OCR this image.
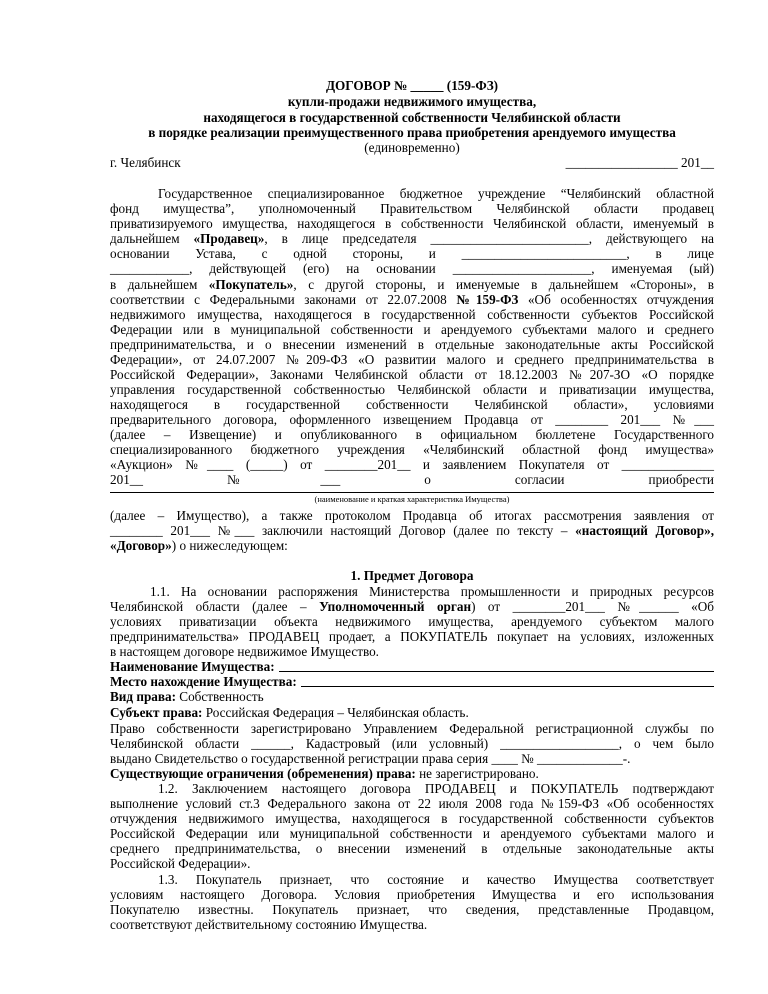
ДОГОВОР № _____ (159-ФЗ)
купли-продажи недвижимого имущества,
находящегося в государственной собственности Челябинской области
в порядке реализации преимущественного права приобретения арендуемого имущества
(единовременно)
г. Челябинск	_________________ 201__
Государственное специализированное бюджетное учреждение “Челябинский областной
фонд имущества”, уполномоченный Правительством Челябинской области продавец
приватизируемого имущества, находящегося в собственности Челябинской области, именуемый в
дальнейшем «Продавец», в лице председателя ________________________, действующего на
основании Устава, с одной стороны, и _________________________, в лице
____________, действующей (его) на основании _____________________, именуемая (ый)
в дальнейшем «Покупатель», с другой стороны, и именуемые в дальнейшем «Стороны», в
соответствии с Федеральными законами от 22.07.2008 №159-ФЗ «Об особенностях отчуждения
недвижимого имущества, находящегося в государственной собственности субъектов Российской
Федерации или в муниципальной собственности и арендуемого субъектами малого и среднего
предпринимательства, и о внесении изменений в отдельные законодательные акты Российской
Федерации», от 24.07.2007 №209-ФЗ «О развитии малого и среднего предпринимательства в
Российской Федерации», Законами Челябинской области от 18.12.2003 №207-ЗО «О порядке
управления государственной собственностью Челябинской области и приватизации имущества,
находящегося в государственной собственности Челябинской области», условиями
предварительного договора, оформленного извещением Продавца от ________ 201___ №___
(далее – Извещение) и опубликованного в официальном бюллетене Государственного
специализированного бюджетного учреждения «Челябинский областной фонд имущества»
«Аукцион» №____ (_____) от ________201__ и заявлением Покупателя от ______________
201__ №___ о согласии приобрести
(наименование и краткая характеристика Имущества)
(далее – Имущество), а также протоколом Продавца об итогах рассмотрения заявления от
________ 201___ №___ заключили настоящий Договор (далее по тексту – «настоящий Договор»,
«Договор») о нижеследующем:
1. Предмет Договора
1.1. На основании распоряжения Министерства промышленности и природных ресурсов
Челябинской области (далее – Уполномоченный орган) от ________201___ №______ «Об
условиях приватизации объекта недвижимого имущества, арендуемого субъектом малого
предпринимательства» ПРОДАВЕЦ продает, а ПОКУПАТЕЛЬ покупает на условиях, изложенных
в настоящем договоре недвижимое Имущество.
Наименование Имущества:
Место нахождение Имущества:
Вид права: Собственность
Субъект права: Российская Федерация – Челябинская область.
Право собственности зарегистрировано Управлением Федеральной регистрационной службы по
Челябинской области ______, Кадастровый (или условный) __________________, о чем было
выдано Свидетельство о государственной регистрации права серия ____ № _____________-.
Существующие ограничения (обременения) права: не зарегистрировано.
1.2. Заключением настоящего договора ПРОДАВЕЦ и ПОКУПАТЕЛЬ подтверждают
выполнение условий ст.3 Федерального закона от 22 июля 2008 года №159-ФЗ «Об особенностях
отчуждения недвижимого имущества, находящегося в государственной собственности субъектов
Российской Федерации или муниципальной собственности и арендуемого субъектами малого и
среднего предпринимательства, о внесении изменений в отдельные законодательные акты
Российской Федерации».
1.3. Покупатель признает, что состояние и качество Имущества соответствует
условиям настоящего Договора. Условия приобретения Имущества и его использования
Покупателю известны. Покупатель признает, что сведения, представленные Продавцом,
соответствуют действительному состоянию Имущества.
